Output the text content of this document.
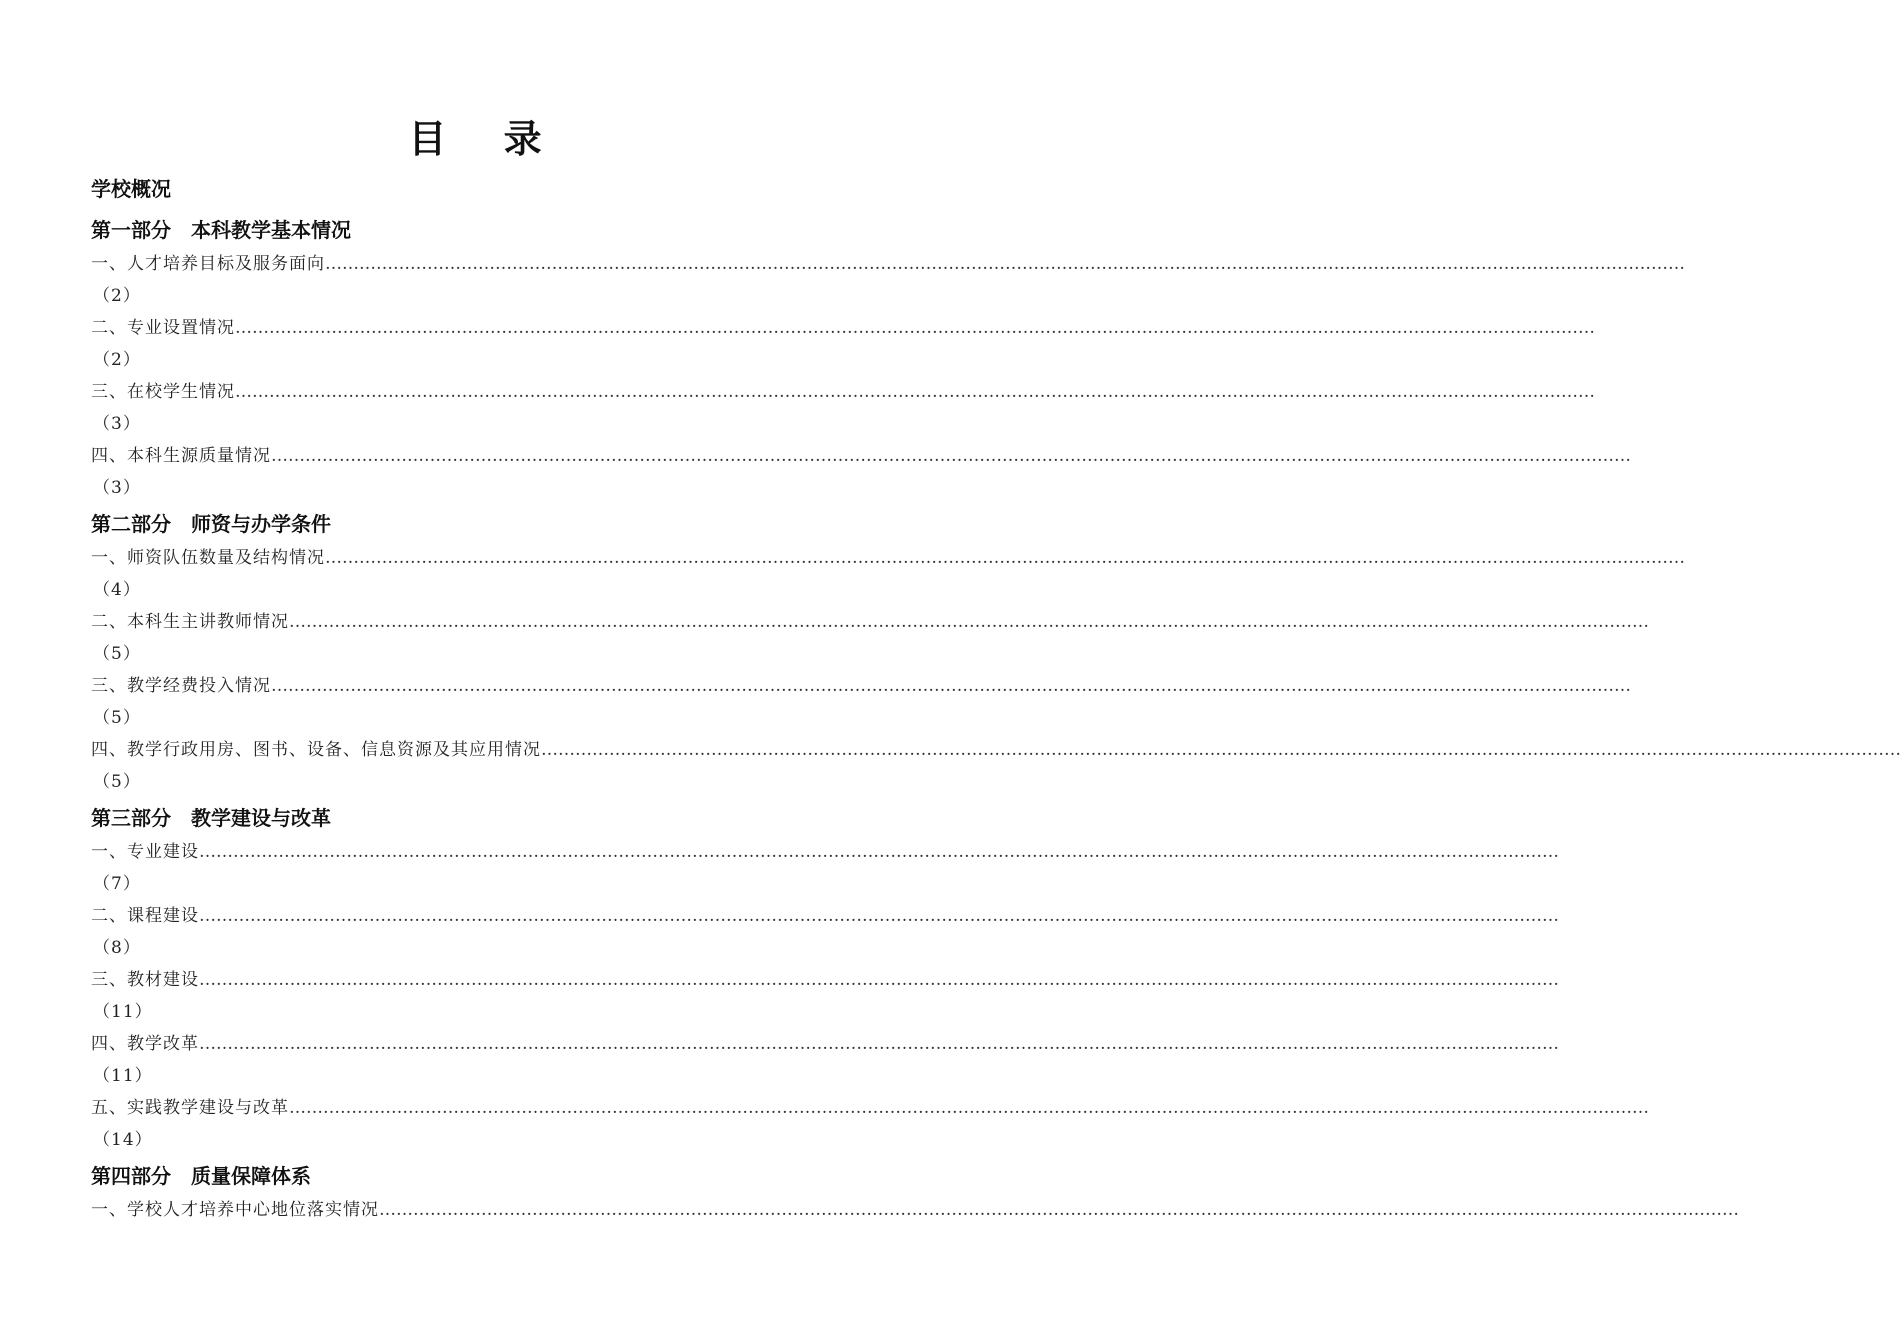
目 录

学校概况

第一部分 本科教学基本情况
一、人才培养目标及服务面向 ……………………………………………………………………………………………………………………………………………………………………………………………………………………
（2）
二、专业设置情况 ……………………………………………………………………………………………………………………………………………………………………………………………………………………
（2）
三、在校学生情况 ……………………………………………………………………………………………………………………………………………………………………………………………………………………
（3）
四、本科生源质量情况 ……………………………………………………………………………………………………………………………………………………………………………………………………………………
（3）
第二部分 师资与办学条件
一、师资队伍数量及结构情况 ……………………………………………………………………………………………………………………………………………………………………………………………………………………
（4）
二、本科生主讲教师情况 ……………………………………………………………………………………………………………………………………………………………………………………………………………………
（5）
三、教学经费投入情况 ……………………………………………………………………………………………………………………………………………………………………………………………………………………
（5）
四、教学行政用房、图书、设备、信息资源及其应用情况 ……………………………………………………………………………………………………………………………………………………………………………………………………………………
（5）
第三部分 教学建设与改革
一、专业建设 ……………………………………………………………………………………………………………………………………………………………………………………………………………………
（7）
二、课程建设 ……………………………………………………………………………………………………………………………………………………………………………………………………………………
（8）
三、教材建设 ……………………………………………………………………………………………………………………………………………………………………………………………………………………
（11）
四、教学改革 ……………………………………………………………………………………………………………………………………………………………………………………………………………………
（11）
五、实践教学建设与改革 ……………………………………………………………………………………………………………………………………………………………………………………………………………………
（14）
第四部分 质量保障体系
一、学校人才培养中心地位落实情况 ……………………………………………………………………………………………………………………………………………………………………………………………………………………
